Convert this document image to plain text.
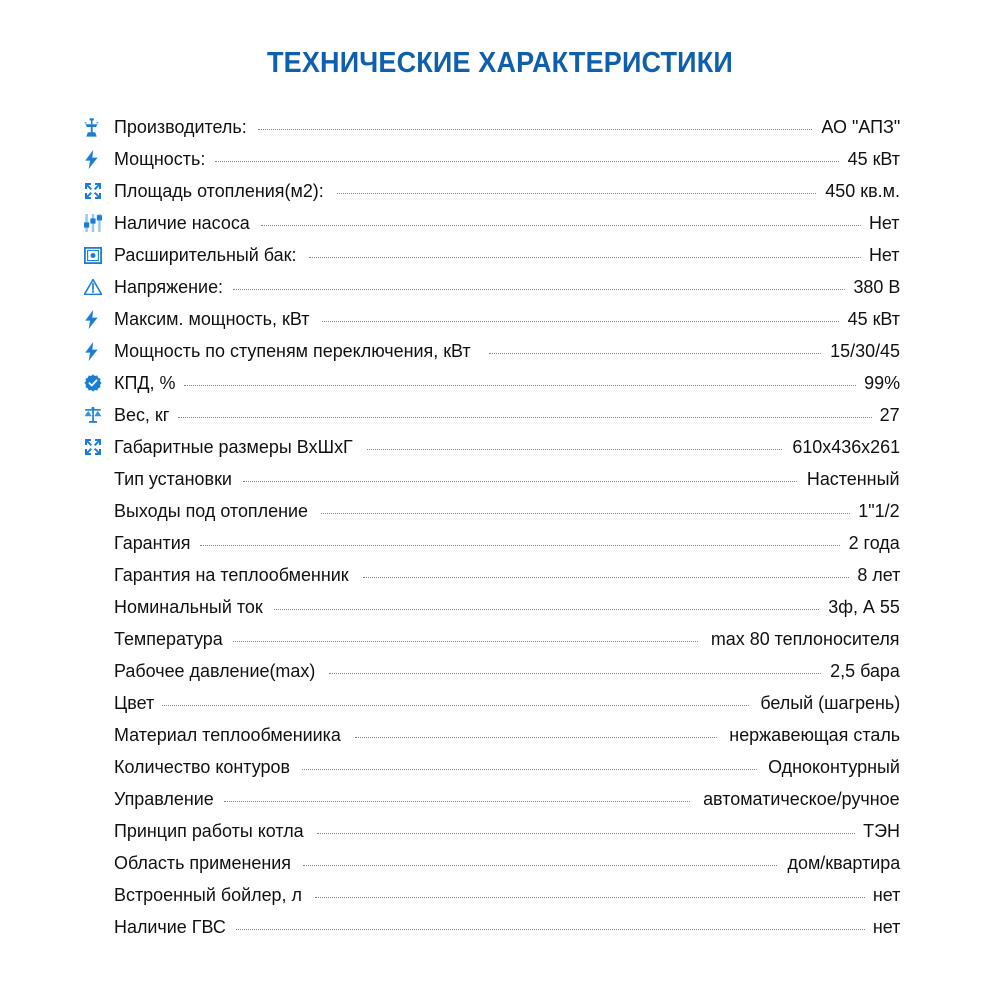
ТЕХНИЧЕСКИЕ ХАРАКТЕРИСТИКИ
Производитель:	АО "АПЗ"
Мощность:	45 кВт
Площадь отопления(м2):	450 кв.м.
Наличие насоса	Нет
Расширительный бак:	Нет
Напряжение:	380 В
Максим. мощность, кВт	45 кВт
Мощность по ступеням переключения, кВт	15/30/45
КПД, %	99%
Вес, кг	27
Габаритные размеры ВxШxГ	610x436x261
Тип установки	Настенный
Выходы под отопление	1"1/2
Гарантия	2 года
Гарантия на теплообменник	8 лет
Номинальный ток	3ф, А 55
Температура	max 80 теплоносителя
Рабочее давление(max)	2,5 бара
Цвет	белый (шагрень)
Материал теплообмениика	нержавеющая сталь
Количество контуров	Одноконтурный
Управление	автоматическое/ручное
Принцип работы котла	ТЭН
Область применения	дом/квартира
Встроенный бойлер, л	нет
Наличие ГВС	нет
